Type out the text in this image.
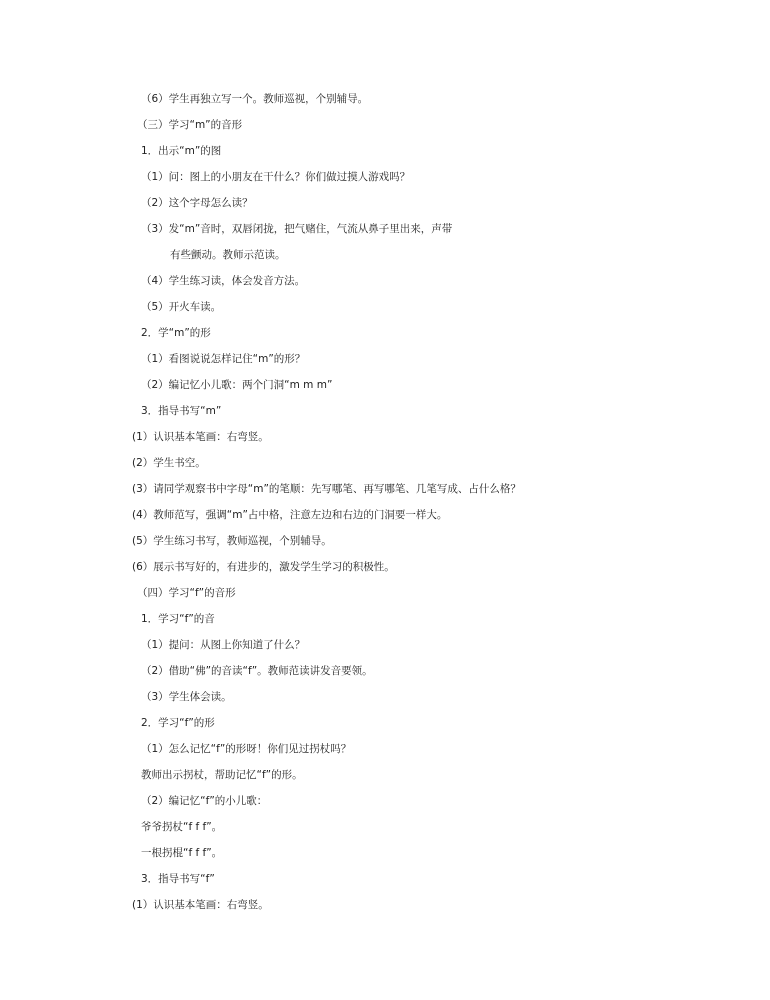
（6）学生再独立写一个。教师巡视，个别辅导。
（三）学习“m”的音形
1．出示“m”的图
（1）问：图上的小朋友在干什么？你们做过摸人游戏吗？
（2）这个字母怎么读？
（3）发“m”音时，双唇闭拢，把气赌住，气流从鼻子里出来，声带
有些颤动。教师示范读。
（4）学生练习读，体会发音方法。
（5）开火车读。
2．学“m”的形
（1）看图说说怎样记住“m”的形？
（2）编记忆小儿歌：两个门洞“m m m”
3．指导书写“m”
(1）认识基本笔画：右弯竖。
(2）学生书空。
(3）请同学观察书中字母“m”的笔顺：先写哪笔、再写哪笔、几笔写成、占什么格？
(4）教师范写，强调“m”占中格，注意左边和右边的门洞要一样大。
(5）学生练习书写，教师巡视，个别辅导。
(6）展示书写好的，有进步的，激发学生学习的积极性。
（四）学习“f”的音形
1．学习“f”的音
（1）提问：从图上你知道了什么？
（2）借助“佛”的音读“f”。教师范读讲发音要领。
（3）学生体会读。
2．学习“f”的形
（1）怎么记忆“f”的形呀！你们见过拐杖吗？
教师出示拐杖，帮助记忆“f”的形。
（2）编记忆“f”的小儿歌：
爷爷拐杖“f f f”。
一根拐棍“f f f”。
3．指导书写“f”
(1）认识基本笔画：右弯竖。
